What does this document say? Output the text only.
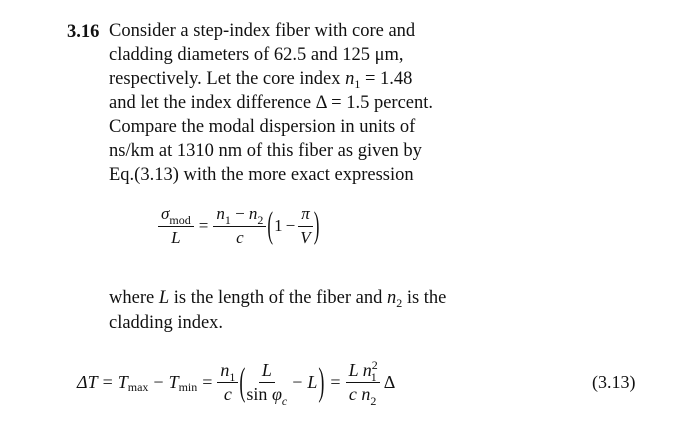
3.16 Consider a step-index fiber with core and
cladding diameters of 62.5 and 125 μm,
respectively. Let the core index $n_1 = 1.48$
and let the index difference Δ = 1.5 percent.
Compare the modal dispersion in units of
ns/km at 1310 nm of this fiber as given by
Eq.(3.13) with the more exact expression
$\frac{\sigma_{mod}}{L} = \frac{n_1 - n_2}{c}$ ( $1 - \frac{\pi}{V}$ )
where L is the length of the fiber and $n_2$ is the
cladding index.
ΔT = T max − T $\min = \frac{n_1}{c}$ ( $\frac{L}{\sin \varphi_c} - L$ ) = $\frac{L n^2_1}{c n_2}$ Δ	(3.13)
